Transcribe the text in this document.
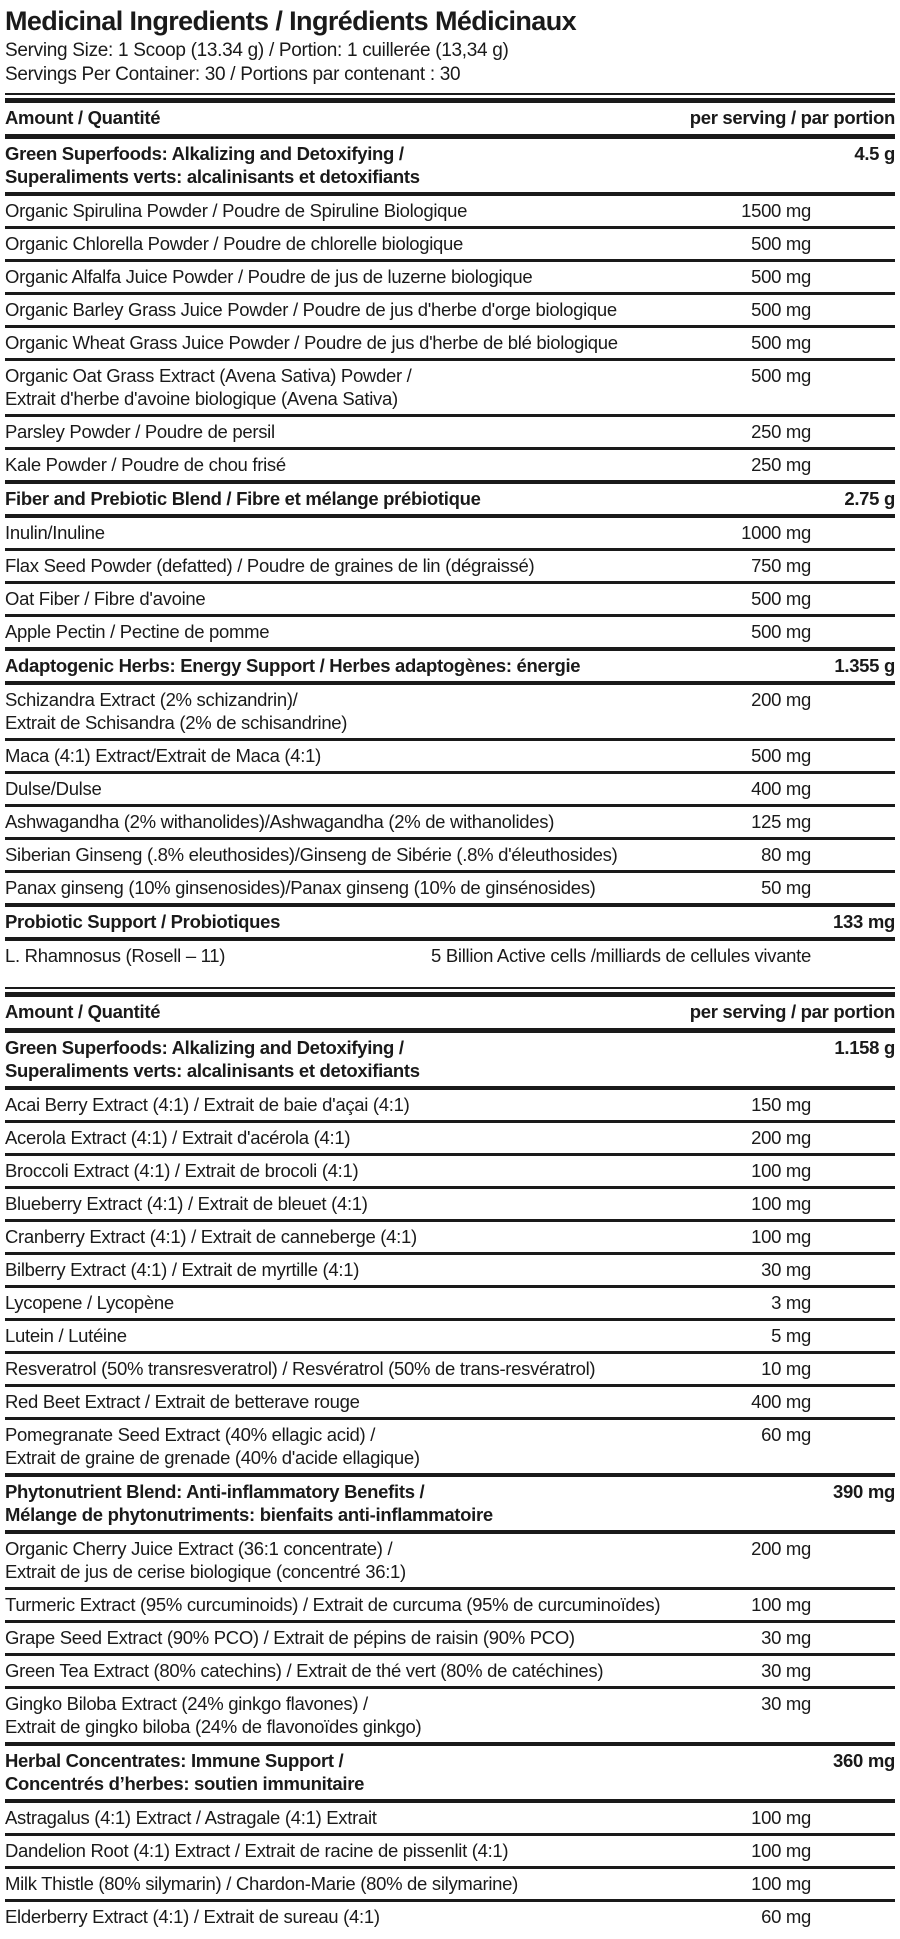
Medicinal Ingredients / Ingrédients Médicinaux
Serving Size: 1 Scoop (13.34 g) / Portion: 1 cuillerée (13,34 g)
Servings Per Container: 30 / Portions par contenant : 30
Amount / Quantité	per serving / par portion
Green Superfoods: Alkalizing and Detoxifying /	4.5 g
Superaliments verts: alcalinisants et detoxifiants
Organic Spirulina Powder / Poudre de Spiruline Biologique	1500 mg
Organic Chlorella Powder / Poudre de chlorelle biologique	500 mg
Organic Alfalfa Juice Powder / Poudre de jus de luzerne biologique	500 mg
Organic Barley Grass Juice Powder / Poudre de jus d'herbe d'orge biologique	500 mg
Organic Wheat Grass Juice Powder / Poudre de jus d'herbe de blé biologique	500 mg
Organic Oat Grass Extract (Avena Sativa) Powder /	500 mg
Extrait d'herbe d'avoine biologique (Avena Sativa)
Parsley Powder / Poudre de persil	250 mg
Kale Powder / Poudre de chou frisé	250 mg
Fiber and Prebiotic Blend / Fibre et mélange prébiotique	2.75 g
Inulin/Inuline	1000 mg
Flax Seed Powder (defatted) / Poudre de graines de lin (dégraissé)	750 mg
Oat Fiber / Fibre d'avoine	500 mg
Apple Pectin / Pectine de pomme	500 mg
Adaptogenic Herbs: Energy Support / Herbes adaptogènes: énergie	1.355 g
Schizandra Extract (2% schizandrin)/	200 mg
Extrait de Schisandra (2% de schisandrine)
Maca (4:1) Extract/Extrait de Maca (4:1)	500 mg
Dulse/Dulse	400 mg
Ashwagandha (2% withanolides)/Ashwagandha (2% de withanolides)	125 mg
Siberian Ginseng (.8% eleuthosides)/Ginseng de Sibérie (.8% d'éleuthosides)	80 mg
Panax ginseng (10% ginsenosides)/Panax ginseng (10% de ginsénosides)	50 mg
Probiotic Support / Probiotiques	133 mg
L. Rhamnosus (Rosell – 11)	5 Billion Active cells /milliards de cellules vivante
Amount / Quantité	per serving / par portion
Green Superfoods: Alkalizing and Detoxifying /	1.158 g
Superaliments verts: alcalinisants et detoxifiants
Acai Berry Extract (4:1) / Extrait de baie d'açai (4:1)	150 mg
Acerola Extract (4:1) / Extrait d'acérola (4:1)	200 mg
Broccoli Extract (4:1) / Extrait de brocoli (4:1)	100 mg
Blueberry Extract (4:1) / Extrait de bleuet (4:1)	100 mg
Cranberry Extract (4:1) / Extrait de canneberge (4:1)	100 mg
Bilberry Extract (4:1) / Extrait de myrtille (4:1)	30 mg
Lycopene / Lycopène	3 mg
Lutein / Lutéine	5 mg
Resveratrol (50% transresveratrol) / Resvératrol (50% de trans-resvératrol)	10 mg
Red Beet Extract / Extrait de betterave rouge	400 mg
Pomegranate Seed Extract (40% ellagic acid) /	60 mg
Extrait de graine de grenade (40% d'acide ellagique)
Phytonutrient Blend: Anti-inflammatory Benefits /	390 mg
Mélange de phytonutriments: bienfaits anti-inflammatoire
Organic Cherry Juice Extract (36:1 concentrate) /	200 mg
Extrait de jus de cerise biologique (concentré 36:1)
Turmeric Extract (95% curcuminoids) / Extrait de curcuma (95% de curcuminoïdes)	100 mg
Grape Seed Extract (90% PCO) / Extrait de pépins de raisin (90% PCO)	30 mg
Green Tea Extract (80% catechins) / Extrait de thé vert (80% de catéchines)	30 mg
Gingko Biloba Extract (24% ginkgo flavones) /	30 mg
Extrait de gingko biloba (24% de flavonoïdes ginkgo)
Herbal Concentrates: Immune Support /	360 mg
Concentrés d’herbes: soutien immunitaire
Astragalus (4:1) Extract / Astragale (4:1) Extrait	100 mg
Dandelion Root (4:1) Extract / Extrait de racine de pissenlit (4:1)	100 mg
Milk Thistle (80% silymarin) / Chardon-Marie (80% de silymarine)	100 mg
Elderberry Extract (4:1) / Extrait de sureau (4:1)	60 mg
